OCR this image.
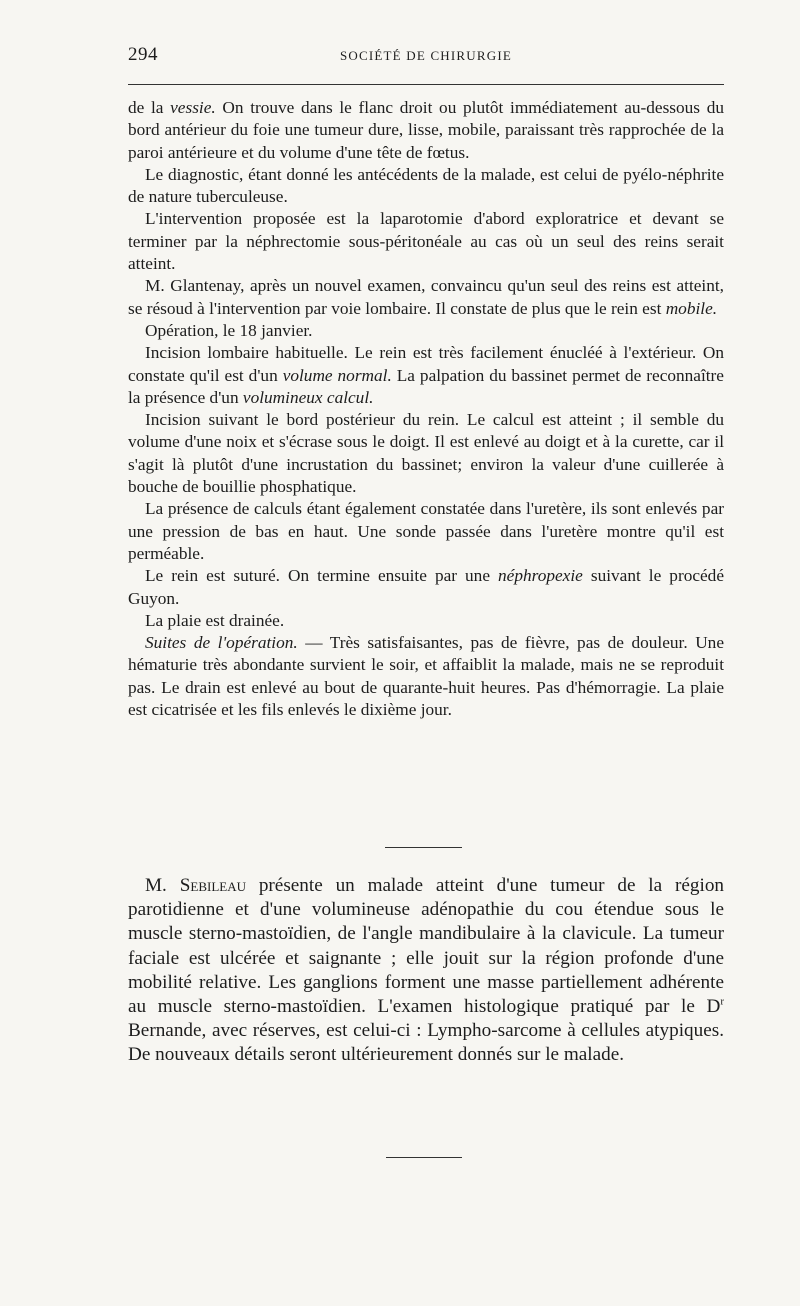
294	SOCIÉTÉ DE CHIRURGIE

de la vessie. On trouve dans le flanc droit ou plutôt immédiatement au-dessous du bord antérieur du foie une tumeur dure, lisse, mobile, paraissant très rapprochée de la paroi antérieure et du volume d'une tête de fœtus.

Le diagnostic, étant donné les antécédents de la malade, est celui de pyélo-néphrite de nature tuberculeuse.

L'intervention proposée est la laparotomie d'abord exploratrice et devant se terminer par la néphrectomie sous-péritonéale au cas où un seul des reins serait atteint.

M. Glantenay, après un nouvel examen, convaincu qu'un seul des reins est atteint, se résoud à l'intervention par voie lombaire. Il constate de plus que le rein est mobile.

Opération, le 18 janvier.

Incision lombaire habituelle. Le rein est très facilement énucléé à l'extérieur. On constate qu'il est d'un volume normal. La palpation du bassinet permet de reconnaître la présence d'un volumineux calcul.

Incision suivant le bord postérieur du rein. Le calcul est atteint ; il semble du volume d'une noix et s'écrase sous le doigt. Il est enlevé au doigt et à la curette, car il s'agit là plutôt d'une incrustation du bassinet; environ la valeur d'une cuillerée à bouche de bouillie phosphatique.

La présence de calculs étant également constatée dans l'uretère, ils sont enlevés par une pression de bas en haut. Une sonde passée dans l'uretère montre qu'il est perméable.

Le rein est suturé. On termine ensuite par une néphropexie suivant le procédé Guyon.

La plaie est drainée.

Suites de l'opération. — Très satisfaisantes, pas de fièvre, pas de douleur. Une hématurie très abondante survient le soir, et affaiblit la malade, mais ne se reproduit pas. Le drain est enlevé au bout de quarante-huit heures. Pas d'hémorragie. La plaie est cicatrisée et les fils enlevés le dixième jour.

M. Sebileau présente un malade atteint d'une tumeur de la région parotidienne et d'une volumineuse adénopathie du cou étendue sous le muscle sterno-mastoïdien, de l'angle mandibulaire à la clavicule. La tumeur faciale est ulcérée et saignante ; elle jouit sur la région profonde d'une mobilité relative. Les ganglions forment une masse partiellement adhérente au muscle sterno-mastoïdien. L'examen histologique pratiqué par le $D^r$ Bernande, avec réserves, est celui-ci : Lympho-sarcome à cellules atypiques. De nouveaux détails seront ultérieurement donnés sur le malade.
